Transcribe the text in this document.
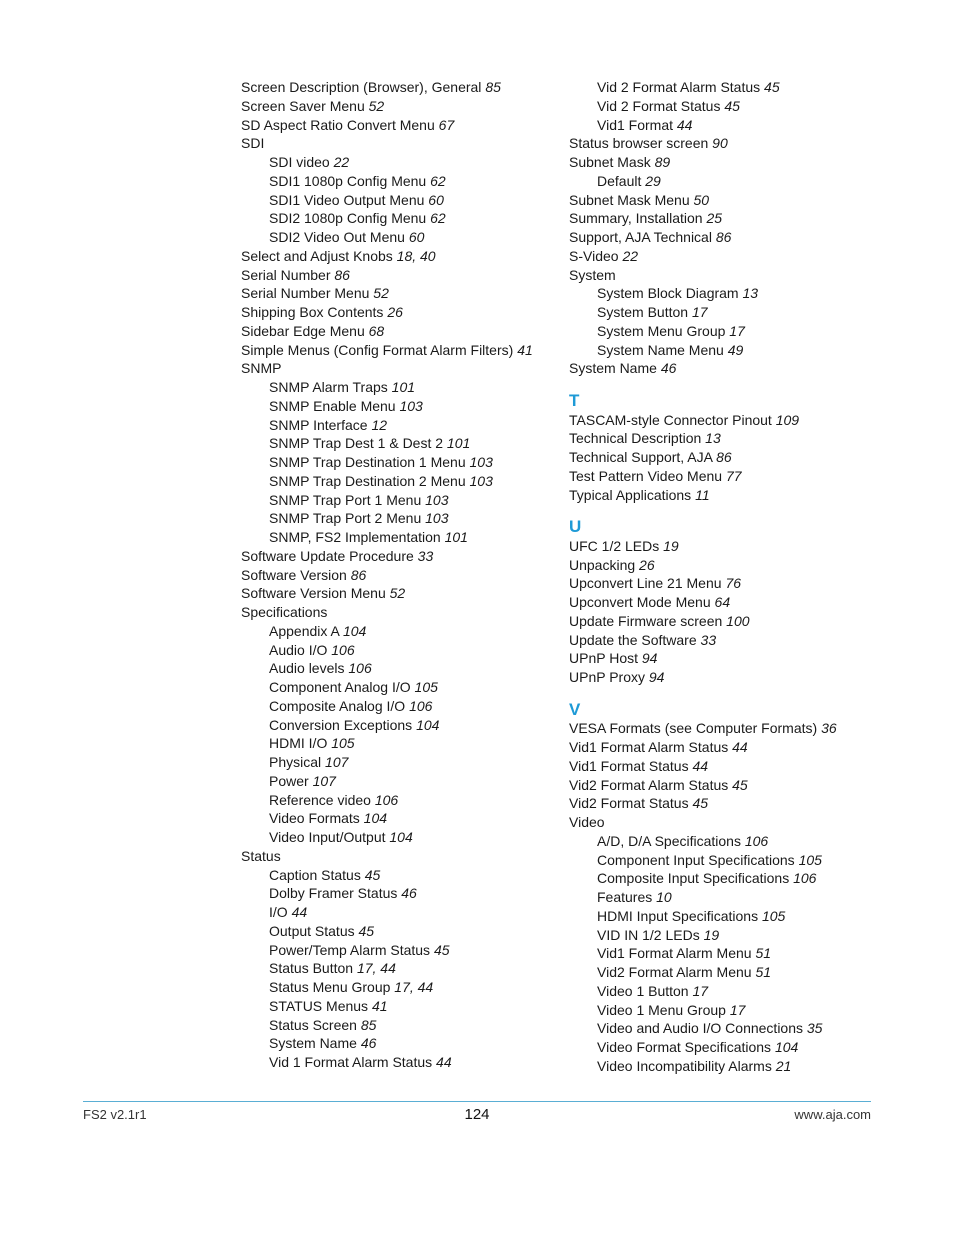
Screen Description (Browser), General 85
Screen Saver Menu 52
SD Aspect Ratio Convert Menu 67
SDI
SDI video 22
SDI1 1080p Config Menu 62
SDI1 Video Output Menu 60
SDI2 1080p Config Menu 62
SDI2 Video Out Menu 60
Select and Adjust Knobs 18, 40
Serial Number 86
Serial Number Menu 52
Shipping Box Contents 26
Sidebar Edge Menu 68
Simple Menus (Config Format Alarm Filters) 41
SNMP
SNMP Alarm Traps 101
SNMP Enable Menu 103
SNMP Interface 12
SNMP Trap Dest 1 & Dest 2 101
SNMP Trap Destination 1 Menu 103
SNMP Trap Destination 2 Menu 103
SNMP Trap Port 1 Menu 103
SNMP Trap Port 2 Menu 103
SNMP, FS2 Implementation 101
Software Update Procedure 33
Software Version 86
Software Version Menu 52
Specifications
Appendix A 104
Audio I/O 106
Audio levels 106
Component Analog I/O 105
Composite Analog I/O 106
Conversion Exceptions 104
HDMI I/O 105
Physical 107
Power 107
Reference video 106
Video Formats 104
Video Input/Output 104
Status
Caption Status 45
Dolby Framer Status 46
I/O 44
Output Status 45
Power/Temp Alarm Status 45
Status Button 17, 44
Status Menu Group 17, 44
STATUS Menus 41
Status Screen 85
System Name 46
Vid 1 Format Alarm Status 44
Vid 2 Format Alarm Status 45
Vid 2 Format Status 45
Vid1 Format 44
Status browser screen 90
Subnet Mask 89
Default 29
Subnet Mask Menu 50
Summary, Installation 25
Support, AJA Technical 86
S-Video 22
System
System Block Diagram 13
System Button 17
System Menu Group 17
System Name Menu 49
System Name 46
T
TASCAM-style Connector Pinout 109
Technical Description 13
Technical Support, AJA 86
Test Pattern Video Menu 77
Typical Applications 11
U
UFC 1/2 LEDs 19
Unpacking 26
Upconvert Line 21 Menu 76
Upconvert Mode Menu 64
Update Firmware screen 100
Update the Software 33
UPnP Host 94
UPnP Proxy 94
V
VESA Formats (see Computer Formats) 36
Vid1 Format Alarm Status 44
Vid1 Format Status 44
Vid2 Format Alarm Status 45
Vid2 Format Status 45
Video
A/D, D/A Specifications 106
Component Input Specifications 105
Composite Input Specifications 106
Features 10
HDMI Input Specifications 105
VID IN 1/2 LEDs 19
Vid1 Format Alarm Menu 51
Vid2 Format Alarm Menu 51
Video 1 Button 17
Video 1 Menu Group 17
Video and Audio I/O Connections 35
Video Format Specifications 104
Video Incompatibility Alarms 21
FS2 v2.1r1	124	www.aja.com
